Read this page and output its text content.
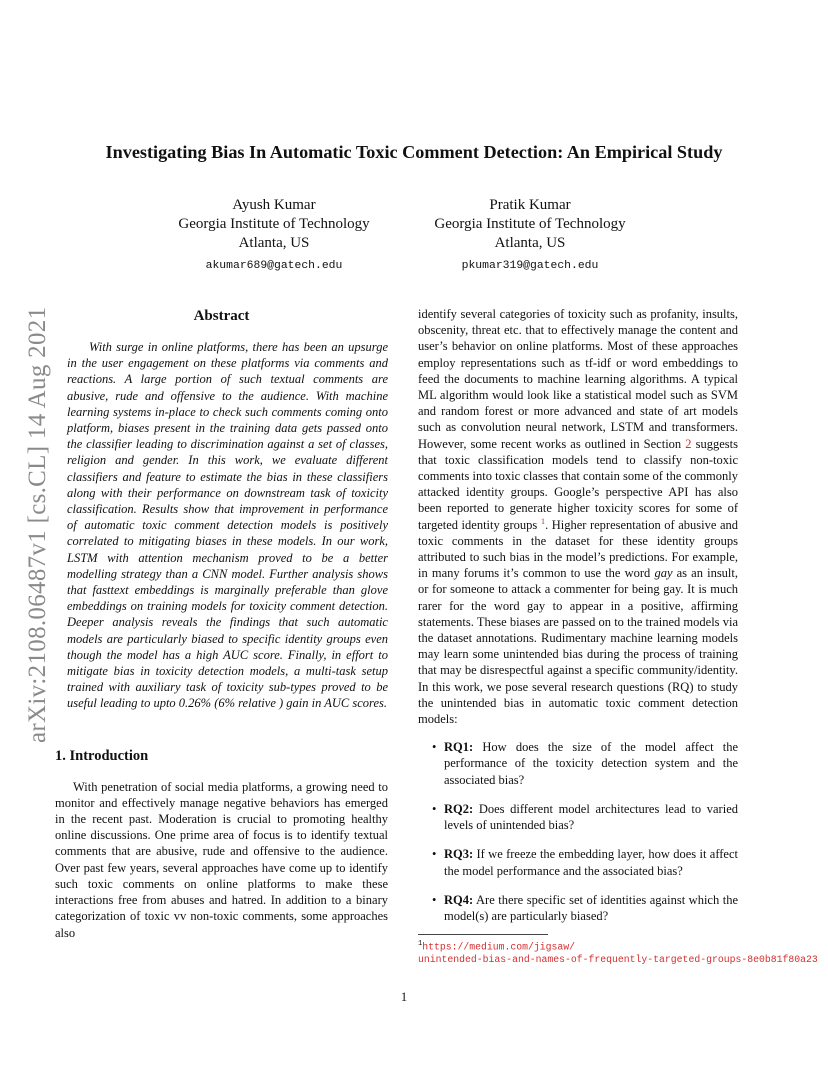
arXiv:2108.06487v1 [cs.CL] 14 Aug 2021
Investigating Bias In Automatic Toxic Comment Detection: An Empirical Study
Ayush Kumar
Georgia Institute of Technology
Atlanta, US
akumar689@gatech.edu
Pratik Kumar
Georgia Institute of Technology
Atlanta, US
pkumar319@gatech.edu
Abstract

With surge in online platforms, there has been an upsurge in the user engagement on these platforms via comments and reactions. A large portion of such textual comments are abusive, rude and offensive to the audience. With machine learning systems in-place to check such comments coming onto platform, biases present in the training data gets passed onto the classifier leading to discrimination against a set of classes, religion and gender. In this work, we evaluate different classifiers and feature to estimate the bias in these classifiers along with their performance on downstream task of toxicity classification. Results show that improvement in performance of automatic toxic comment detection models is positively correlated to mitigating biases in these models. In our work, LSTM with attention mechanism proved to be a better modelling strategy than a CNN model. Further analysis shows that fasttext embeddings is marginally preferable than glove embeddings on training models for toxicity comment detection. Deeper analysis reveals the findings that such automatic models are particularly biased to specific identity groups even though the model has a high AUC score. Finally, in effort to mitigate bias in toxicity detection models, a multi-task setup trained with auxiliary task of toxicity sub-types proved to be useful leading to upto 0.26% (6% relative ) gain in AUC scores.

1. Introduction

With penetration of social media platforms, a growing need to monitor and effectively manage negative behaviors has emerged in the recent past. Moderation is crucial to promoting healthy online discussions. One prime area of focus is to identify textual comments that are abusive, rude and offensive to the audience. Over past few years, several approaches have come up to identify such toxic comments on online platforms to make these interactions free from abuses and hatred. In addition to a binary categorization of toxic vv non-toxic comments, some approaches also

identify several categories of toxicity such as profanity, insults, obscenity, threat etc. that to effectively manage the content and user’s behavior on online platforms. Most of these approaches employ representations such as tf-idf or word embeddings to feed the documents to machine learning algorithms. A typical ML algorithm would look like a statistical model such as SVM and random forest or more advanced and state of art models such as convolution neural network, LSTM and transformers. However, some recent works as outlined in Section 2 suggests that toxic classification models tend to classify non-toxic comments into toxic classes that contain some of the commonly attacked identity groups. Google’s perspective API has also been reported to generate higher toxicity scores for some of targeted identity groups $^1$. Higher representation of abusive and toxic comments in the dataset for these identity groups attributed to such bias in the model’s predictions. For example, in many forums it’s common to use the word gay as an insult, or for someone to attack a commenter for being gay. It is much rarer for the word gay to appear in a positive, affirming statements. These biases are passed on to the trained models via the dataset annotations. Rudimentary machine learning models may learn some unintended bias during the process of training that may be disrespectful against a specific community/identity. In this work, we pose several research questions (RQ) to study the unintended bias in automatic toxic comment detection models:

• RQ1: How does the size of the model affect the performance of the toxicity detection system and the associated bias?
• RQ2: Does different model architectures lead to varied levels of unintended bias?
• RQ3: If we freeze the embedding layer, how does it affect the model performance and the associated bias?
• RQ4: Are there specific set of identities against which the model(s) are particularly biased?
$^1$https://medium.com/jigsaw/
unintended-bias-and-names-of-frequently-targeted-groups-8e0b81f80a23
1
